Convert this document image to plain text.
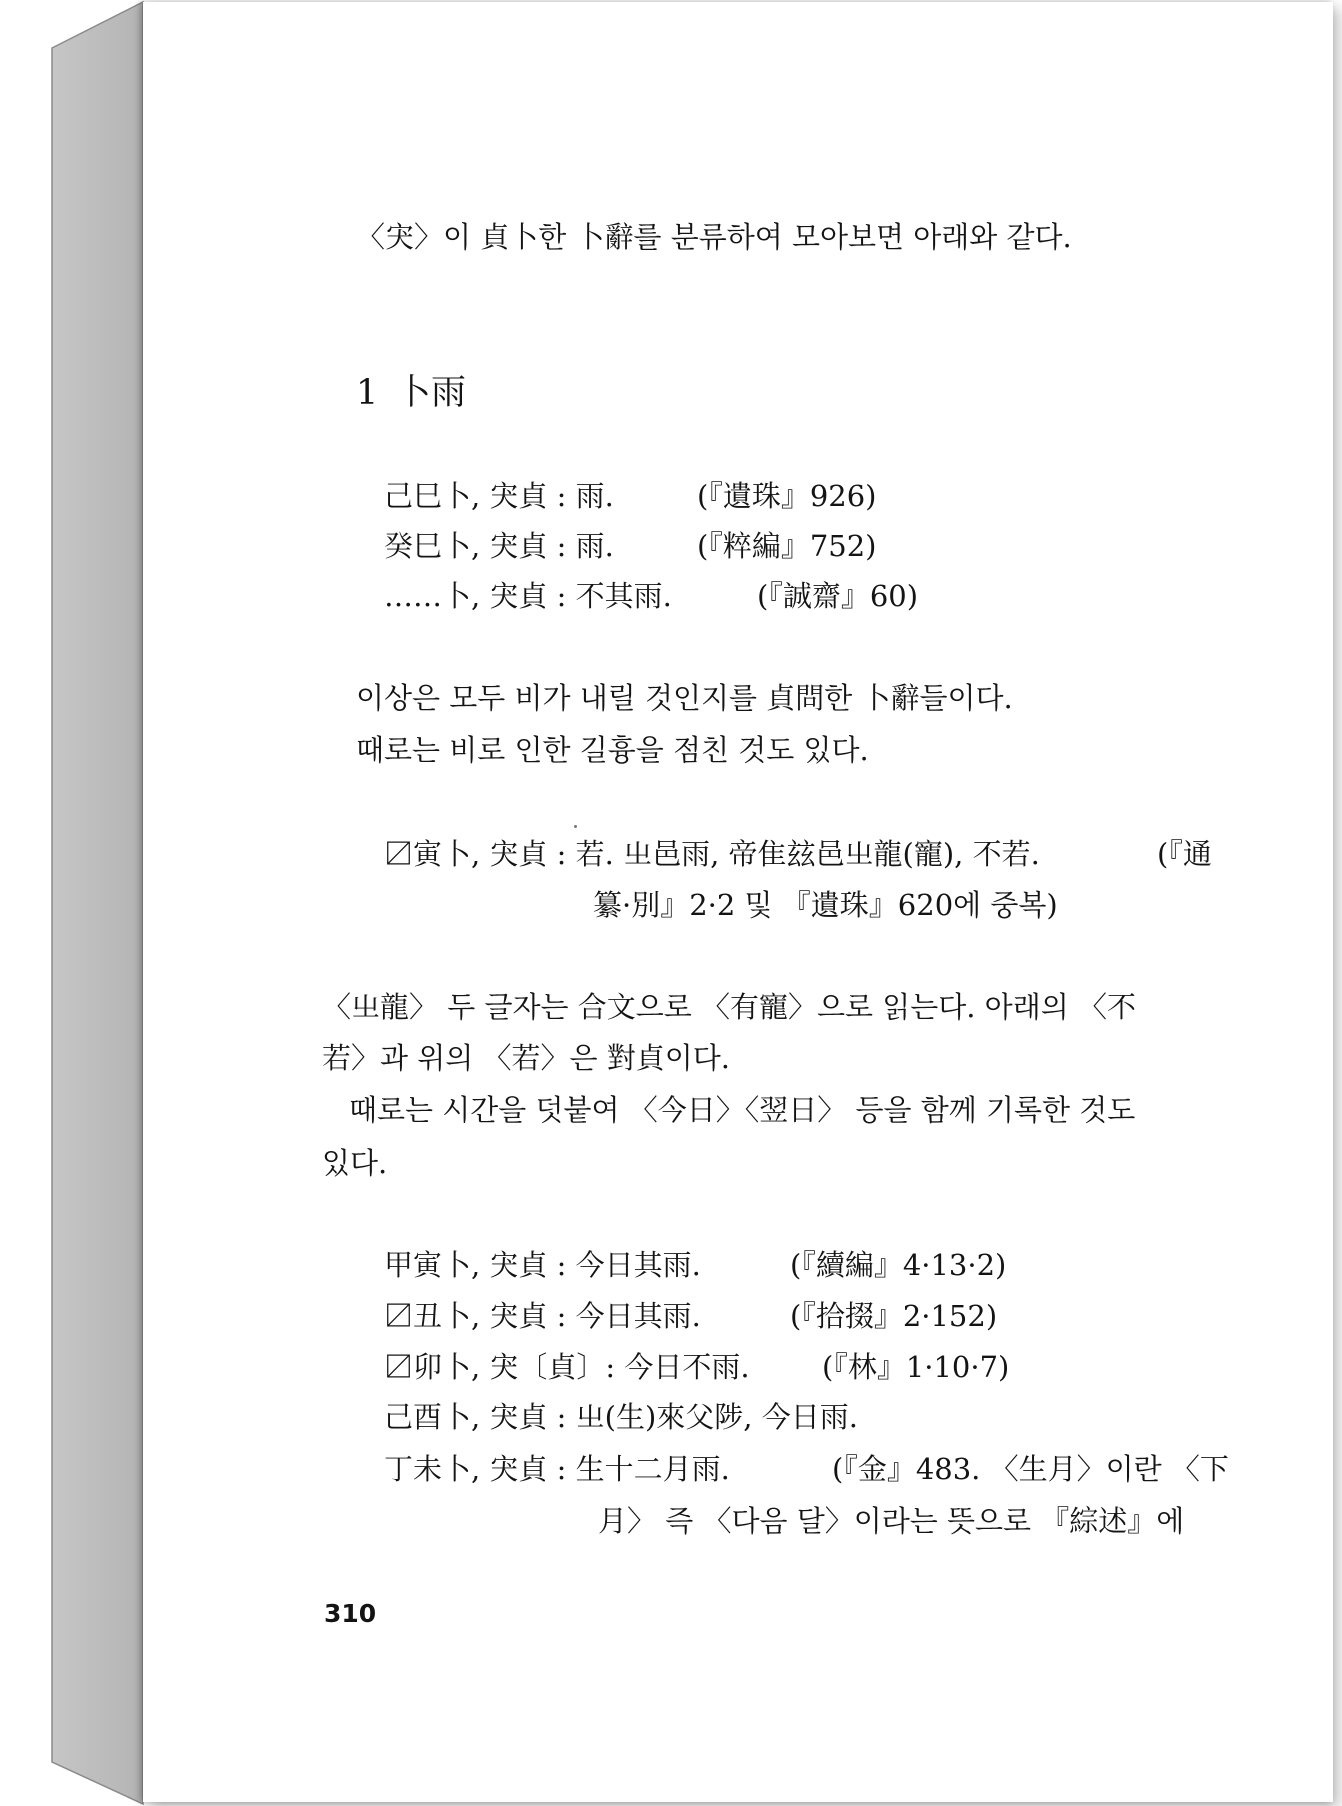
〈宊〉이 貞卜한 卜辭를 분류하여 모아보면 아래와 같다.
1 卜雨
己巳卜, 宊貞 : 雨.	(『遺珠』926)
癸巳卜, 宊貞 : 雨.	(『粹編』752)
……卜, 宊貞 : 不其雨.	(『誠齋』60)
이상은 모두 비가 내릴 것인지를 貞問한 卜辭들이다.
때로는 비로 인한 길흉을 점친 것도 있다.
〼寅卜, 宊貞 : 若. 㞢邑雨, 帝隹玆邑㞢龍(寵), 不若.	(『通
纂·別』2·2 및 『遺珠』620에 중복)
〈㞢龍〉 두 글자는 合文으로 〈有寵〉으로 읽는다. 아래의 〈不
若〉과 위의 〈若〉은 對貞이다.
때로는 시간을 덧붙여 〈今日〉〈翌日〉 등을 함께 기록한 것도
있다.
甲寅卜, 宊貞 : 今日其雨.	(『續編』4·13·2)
〼丑卜, 宊貞 : 今日其雨.	(『拾掇』2·152)
〼卯卜, 宊〔貞〕: 今日不雨. (『林』1·10·7)
己酉卜, 宊貞 : 㞢(生)來父陟, 今日雨.
丁未卜, 宊貞 : 生十二月雨.	(『金』483. 〈生月〉이란 〈下
月〉 즉 〈다음 달〉이라는 뜻으로 『綜述』에
310
